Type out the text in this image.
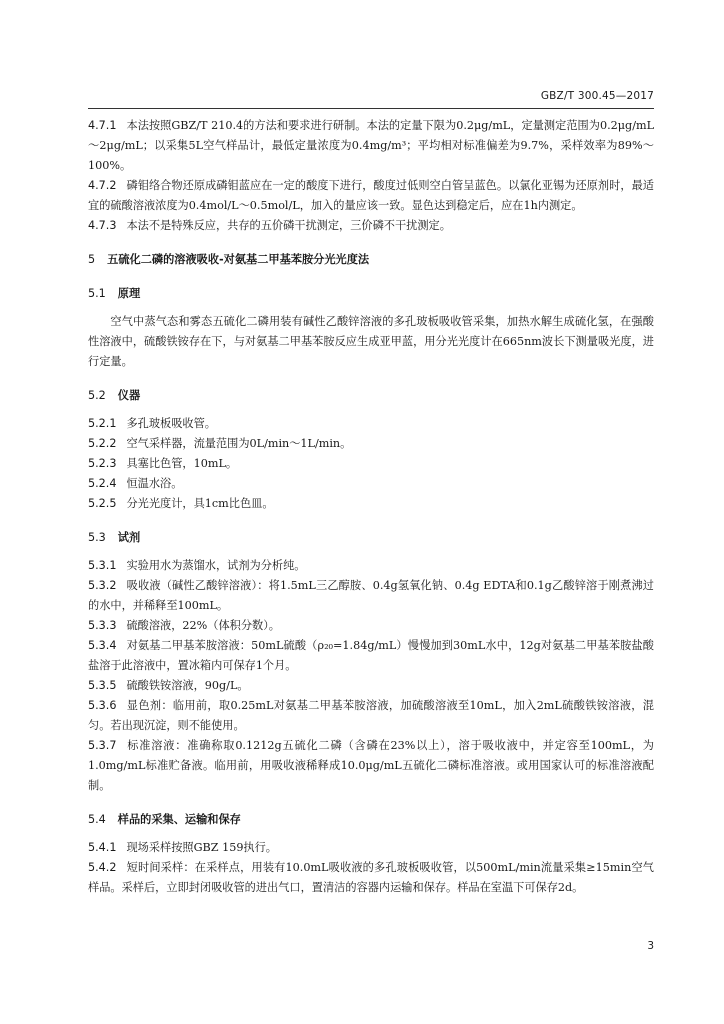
GBZ/T 300.45—2017

4.7.1 本法按照GBZ/T 210.4的方法和要求进行研制。本法的定量下限为0.2μg/mL，定量测定范围为0.2μg/mL～2μg/mL；以采集5L空气样品计，最低定量浓度为0.4mg/m³；平均相对标准偏差为9.7%，采样效率为89%～100%。

4.7.2 磷钼络合物还原成磷钼蓝应在一定的酸度下进行，酸度过低则空白管呈蓝色。以氯化亚锡为还原剂时，最适宜的硫酸溶液浓度为0.4mol/L～0.5mol/L，加入的量应该一致。显色达到稳定后，应在1h内测定。

4.7.3 本法不是特殊反应，共存的五价磷干扰测定，三价磷不干扰测定。

5 五硫化二磷的溶液吸收-对氨基二甲基苯胺分光光度法

5.1 原理

空气中蒸气态和雾态五硫化二磷用装有碱性乙酸锌溶液的多孔玻板吸收管采集，加热水解生成硫化氢，在强酸性溶液中，硫酸铁铵存在下，与对氨基二甲基苯胺反应生成亚甲蓝，用分光光度计在665nm波长下测量吸光度，进行定量。

5.2 仪器

5.2.1 多孔玻板吸收管。

5.2.2 空气采样器，流量范围为0L/min～1L/min。

5.2.3 具塞比色管，10mL。

5.2.4 恒温水浴。

5.2.5 分光光度计，具1cm比色皿。

5.3 试剂

5.3.1 实验用水为蒸馏水，试剂为分析纯。

5.3.2 吸收液（碱性乙酸锌溶液）：将1.5mL三乙醇胺、0.4g氢氧化钠、0.4g EDTA和0.1g乙酸锌溶于刚煮沸过的水中，并稀释至100mL。

5.3.3 硫酸溶液，22%（体积分数）。

5.3.4 对氨基二甲基苯胺溶液：50mL硫酸（ρ₂₀=1.84g/mL）慢慢加到30mL水中，12g对氨基二甲基苯胺盐酸盐溶于此溶液中，置冰箱内可保存1个月。

5.3.5 硫酸铁铵溶液，90g/L。

5.3.6 显色剂：临用前，取0.25mL对氨基二甲基苯胺溶液，加硫酸溶液至10mL，加入2mL硫酸铁铵溶液，混匀。若出现沉淀，则不能使用。

5.3.7 标准溶液：准确称取0.1212g五硫化二磷（含磷在23%以上），溶于吸收液中，并定容至100mL，为1.0mg/mL标准贮备液。临用前，用吸收液稀释成10.0μg/mL五硫化二磷标准溶液。或用国家认可的标准溶液配制。

5.4 样品的采集、运输和保存

5.4.1 现场采样按照GBZ 159执行。

5.4.2 短时间采样：在采样点，用装有10.0mL吸收液的多孔玻板吸收管，以500mL/min流量采集≥15min空气样品。采样后，立即封闭吸收管的进出气口，置清洁的容器内运输和保存。样品在室温下可保存2d。

3
